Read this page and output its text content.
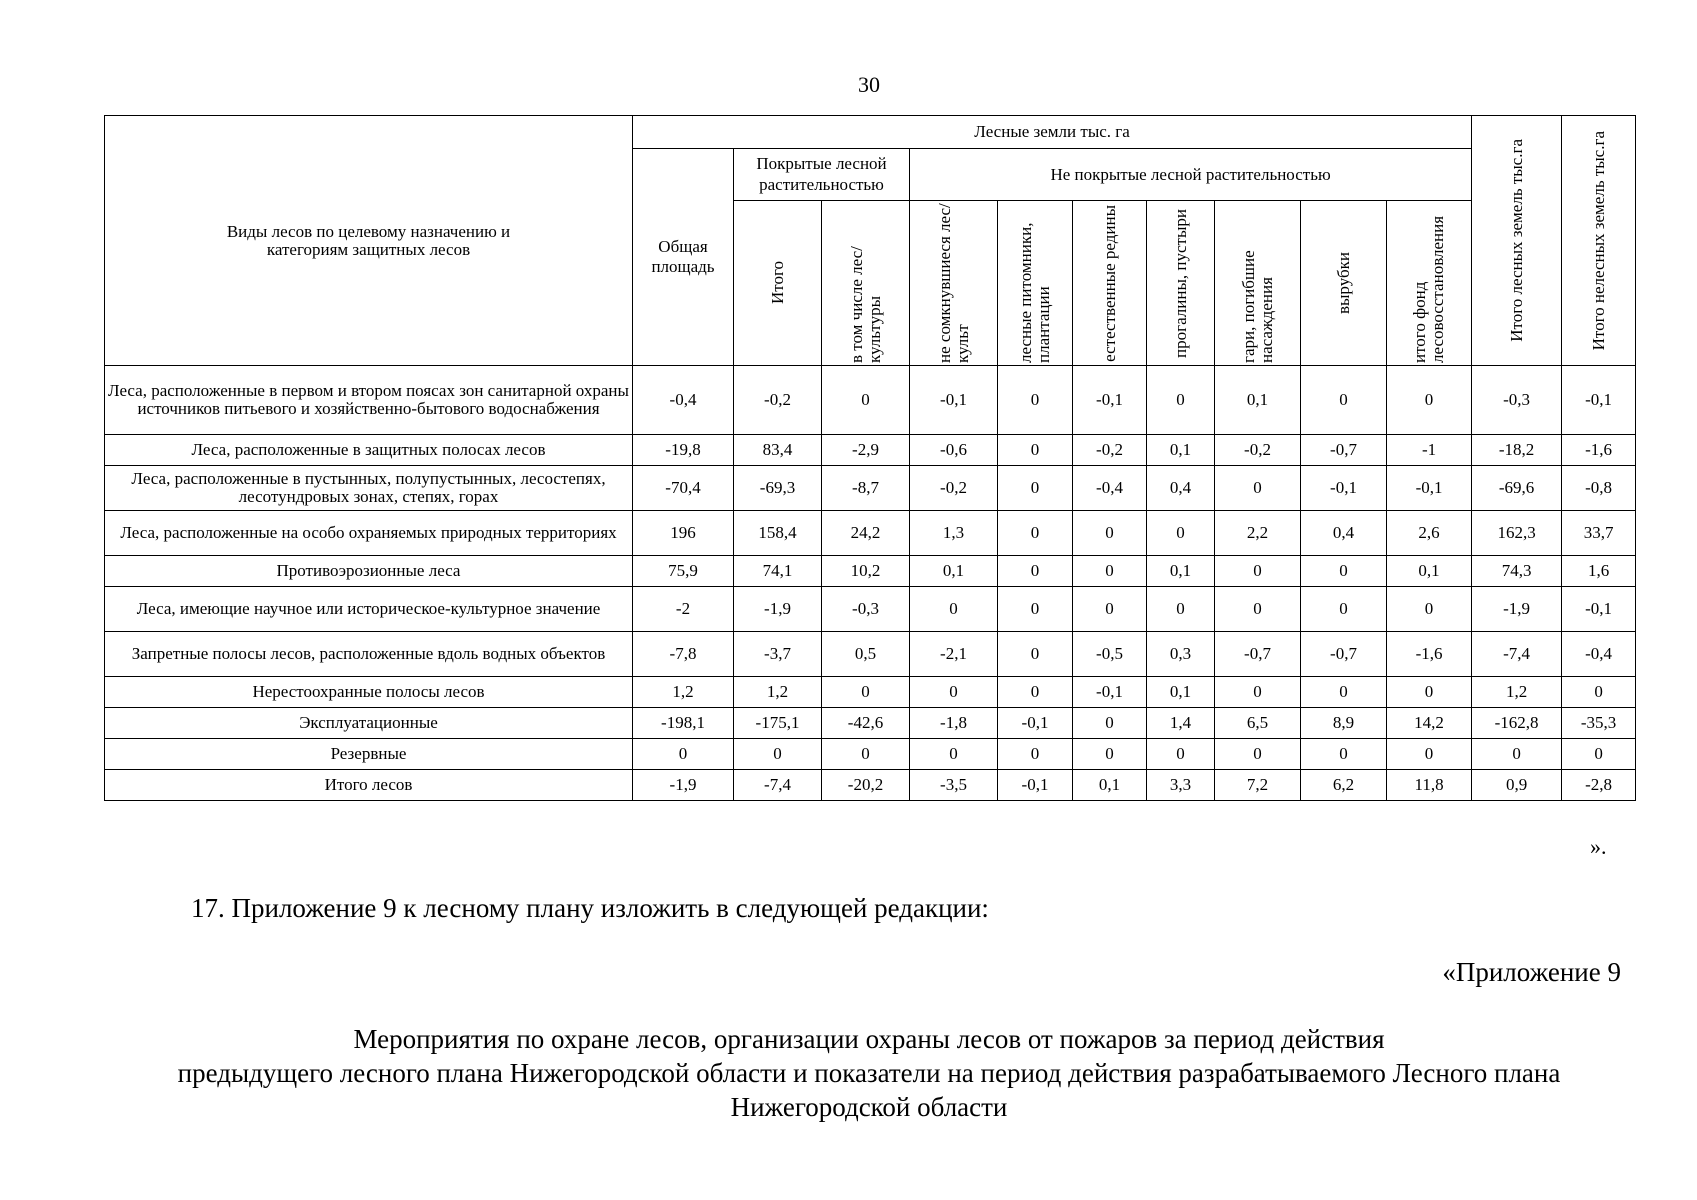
30
Виды лесов по целевому назначению и категориям защитных лесов	Лесные земли тыс. га										Итого лесных земель тыс.га	Итого нелесных земель тыс.га

	Общая площадь	Покрытые лесной растительностью		Не покрытые лесной растительностью								

		Итого	в том числе лес/культуры	не сомкнувшиеся лес/культ	лесные питомники, плантации	естественные редины	прогалины, пустыри	гари, погибшие насаждения	вырубки	итого фонд лесовосстановления		

Леса, расположенные в первом и втором поясах зон санитарной охраны источников питьевого и хозяйственно-бытового водоснабжения	-0,4	-0,2	0	-0,1	0	-0,1	0	0,1	0	0	-0,3	-0,1
Леса, расположенные в защитных полосах лесов	-19,8	83,4	-2,9	-0,6	0	-0,2	0,1	-0,2	-0,7	-1	-18,2	-1,6
Леса, расположенные в пустынных, полупустынных, лесостепях, лесотундровых зонах, степях, горах	-70,4	-69,3	-8,7	-0,2	0	-0,4	0,4	0	-0,1	-0,1	-69,6	-0,8
Леса, расположенные на особо охраняемых природных территориях	196	158,4	24,2	1,3	0	0	0	2,2	0,4	2,6	162,3	33,7
Противоэрозионные леса	75,9	74,1	10,2	0,1	0	0	0,1	0	0	0,1	74,3	1,6
Леса, имеющие научное или историческое-культурное значение	-2	-1,9	-0,3	0	0	0	0	0	0	0	-1,9	-0,1
Запретные полосы лесов, расположенные вдоль водных объектов	-7,8	-3,7	0,5	-2,1	0	-0,5	0,3	-0,7	-0,7	-1,6	-7,4	-0,4
Нерестоохранные полосы лесов	1,2	1,2	0	0	0	-0,1	0,1	0	0	0	1,2	0
Эксплуатационные	-198,1	-175,1	-42,6	-1,8	-0,1	0	1,4	6,5	8,9	14,2	-162,8	-35,3
Резервные	0	0	0	0	0	0	0	0	0	0	0	0
Итого лесов	-1,9	-7,4	-20,2	-3,5	-0,1	0,1	3,3	7,2	6,2	11,8	0,9	-2,8
».
17. Приложение 9 к лесному плану изложить в следующей редакции:
«Приложение 9
Мероприятия по охране лесов, организации охраны лесов от пожаров за период действия
предыдущего лесного плана Нижегородской области и показатели на период действия разрабатываемого Лесного плана
Нижегородской области
